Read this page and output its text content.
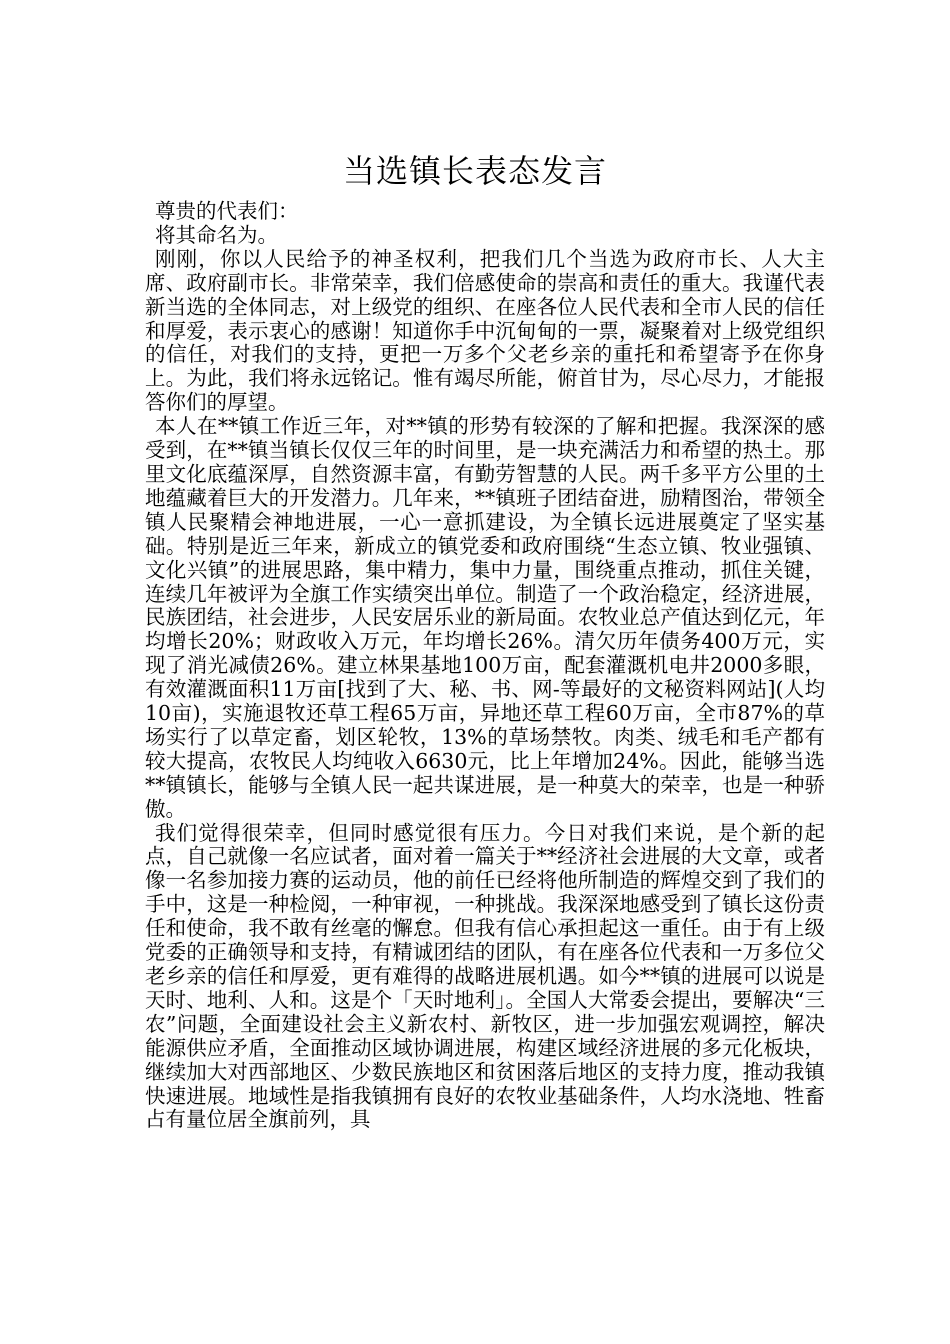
当选镇长表态发言

尊贵的代表们：

将其命名为。

刚刚，你以人民给予的神圣权利，把我们几个当选为政府市长、人大主席、政府副市长。非常荣幸，我们倍感使命的崇高和责任的重大。我谨代表新当选的全体同志，对上级党的组织、在座各位人民代表和全市人民的信任和厚爱，表示衷心的感谢！知道你手中沉甸甸的一票，凝聚着对上级党组织的信任，对我们的支持，更把一万多个父老乡亲的重托和希望寄予在你身上。为此，我们将永远铭记。惟有竭尽所能，俯首甘为，尽心尽力，才能报答你们的厚望。

本人在**镇工作近三年，对**镇的形势有较深的了解和把握。我深深的感受到，在**镇当镇长仅仅三年的时间里，是一块充满活力和希望的热土。那里文化底蕴深厚，自然资源丰富，有勤劳智慧的人民。两千多平方公里的土地蕴藏着巨大的开发潜力。几年来，**镇班子团结奋进，励精图治，带领全镇人民聚精会神地进展，一心一意抓建设，为全镇长远进展奠定了坚实基础。特别是近三年来，新成立的镇党委和政府围绕“生态立镇、牧业强镇、文化兴镇”的进展思路，集中精力，集中力量，围绕重点推动，抓住关键，连续几年被评为全旗工作实绩突出单位。制造了一个政治稳定，经济进展，民族团结，社会进步，人民安居乐业的新局面。农牧业总产值达到亿元，年均增长20%；财政收入万元，年均增长26%。清欠历年债务400万元，实现了消光减债26%。建立林果基地100万亩，配套灌溉机电井2000多眼，有效灌溉面积11万亩[找到了大、秘、书、网-等最好的文秘资料网站](人均10亩)，实施退牧还草工程65万亩，异地还草工程60万亩，全市87%的草场实行了以草定畜，划区轮牧，13%的草场禁牧。肉类、绒毛和毛产都有较大提高，农牧民人均纯收入6630元，比上年增加24%。因此，能够当选**镇镇长，能够与全镇人民一起共谋进展，是一种莫大的荣幸，也是一种骄傲。

我们觉得很荣幸，但同时感觉很有压力。今日对我们来说，是个新的起点，自己就像一名应试者，面对着一篇关于**经济社会进展的大文章，或者像一名参加接力赛的运动员，他的前任已经将他所制造的辉煌交到了我们的手中，这是一种检阅，一种审视，一种挑战。我深深地感受到了镇长这份责任和使命，我不敢有丝毫的懈怠。但我有信心承担起这一重任。由于有上级党委的正确领导和支持，有精诚团结的团队，有在座各位代表和一万多位父老乡亲的信任和厚爱，更有难得的战略进展机遇。如今**镇的进展可以说是天时、地利、人和。这是个「天时地利」。全国人大常委会提出，要解决“三农”问题，全面建设社会主义新农村、新牧区，进一步加强宏观调控，解决能源供应矛盾，全面推动区域协调进展，构建区域经济进展的多元化板块，继续加大对西部地区、少数民族地区和贫困落后地区的支持力度，推动我镇快速进展。地域性是指我镇拥有良好的农牧业基础条件，人均水浇地、牲畜占有量位居全旗前列，具
